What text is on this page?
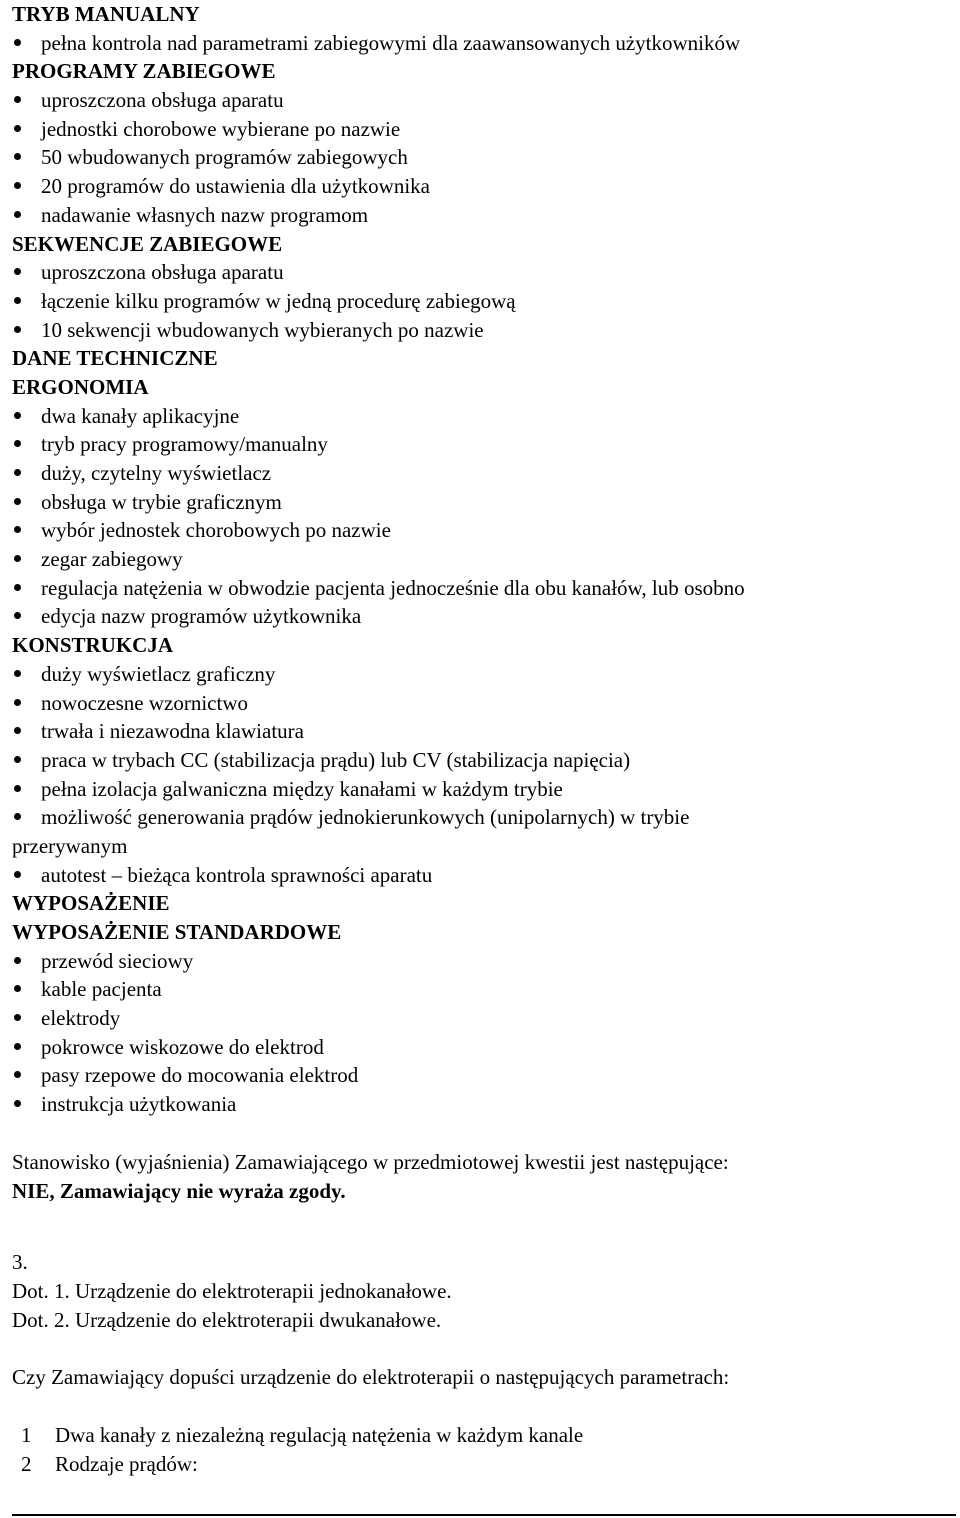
TRYB MANUALNY
pełna kontrola nad parametrami zabiegowymi dla zaawansowanych użytkowników
PROGRAMY ZABIEGOWE
uproszczona obsługa aparatu
jednostki chorobowe wybierane po nazwie
50 wbudowanych programów zabiegowych
20 programów do ustawienia dla użytkownika
nadawanie własnych nazw programom
SEKWENCJE ZABIEGOWE
uproszczona obsługa aparatu
łączenie kilku programów w jedną procedurę zabiegową
10 sekwencji wbudowanych wybieranych po nazwie
DANE TECHNICZNE
ERGONOMIA
dwa kanały aplikacyjne
tryb pracy programowy/manualny
duży, czytelny wyświetlacz
obsługa w trybie graficznym
wybór jednostek chorobowych po nazwie
zegar zabiegowy
regulacja natężenia w obwodzie pacjenta jednocześnie dla obu kanałów, lub osobno
edycja nazw programów użytkownika
KONSTRUKCJA
duży wyświetlacz graficzny
nowoczesne wzornictwo
trwała i niezawodna klawiatura
praca w trybach CC (stabilizacja prądu) lub CV (stabilizacja napięcia)
pełna izolacja galwaniczna między kanałami w każdym trybie
możliwość generowania prądów jednokierunkowych (unipolarnych) w trybie
przerywanym
autotest – bieżąca kontrola sprawności aparatu
WYPOSAŻENIE
WYPOSAŻENIE STANDARDOWE
przewód sieciowy
kable pacjenta
elektrody
pokrowce wiskozowe do elektrod
pasy rzepowe do mocowania elektrod
instrukcja użytkowania
Stanowisko (wyjaśnienia) Zamawiającego w przedmiotowej kwestii jest następujące:
NIE, Zamawiający nie wyraża zgody.
3.
Dot. 1. Urządzenie do elektroterapii jednokanałowe.
Dot. 2. Urządzenie do elektroterapii dwukanałowe.
Czy Zamawiający dopuści urządzenie do elektroterapii o następujących parametrach:
1 Dwa kanały z niezależną regulacją natężenia w każdym kanale
2 Rodzaje prądów:
